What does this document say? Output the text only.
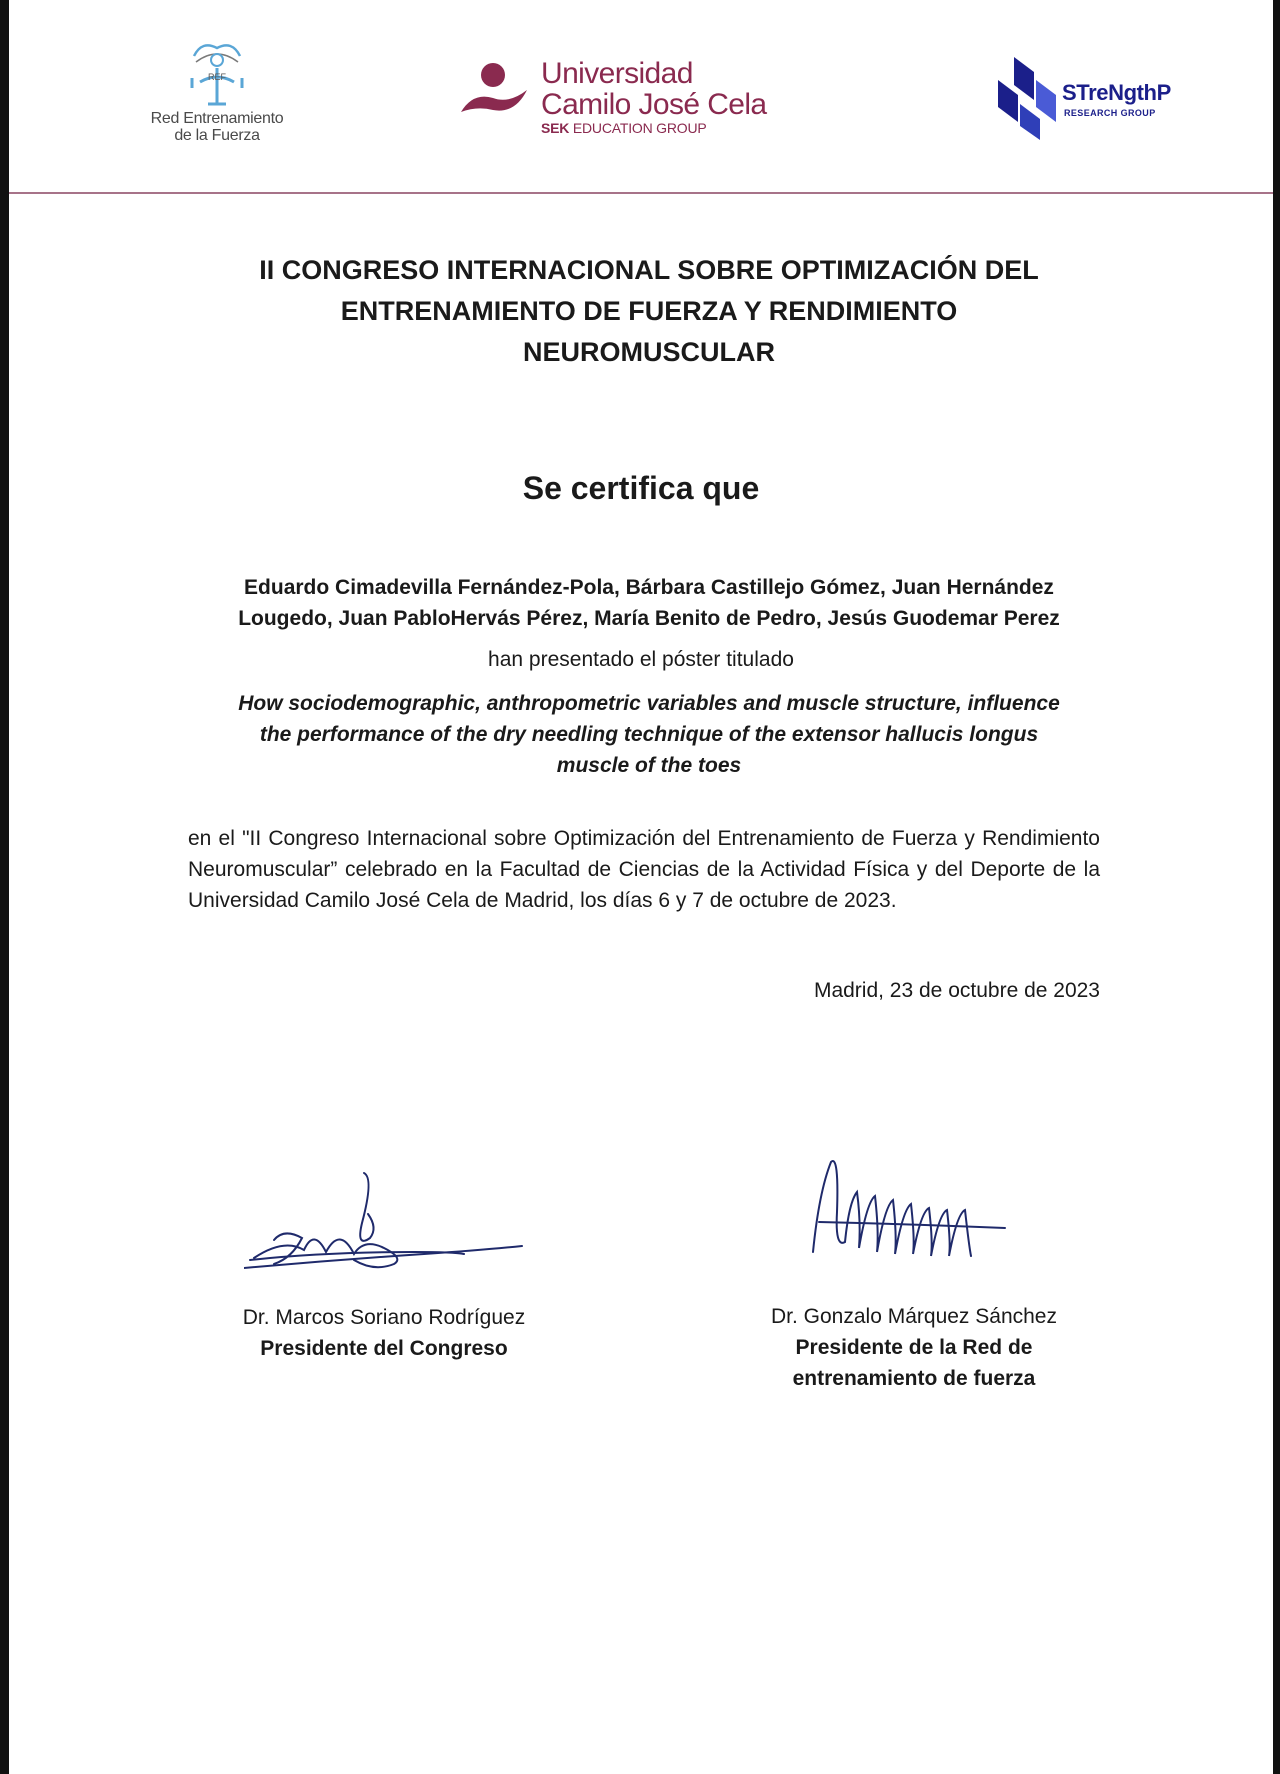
REF
Red Entrenamiento
de la Fuerza
Universidad
Camilo José Cela
SEK EDUCATION GROUP
STreNgthP
RESEARCH GROUP
II CONGRESO INTERNACIONAL SOBRE OPTIMIZACIÓN DEL
ENTRENAMIENTO DE FUERZA Y RENDIMIENTO
NEUROMUSCULAR
Se certifica que
Eduardo Cimadevilla Fernández-Pola, Bárbara Castillejo Gómez, Juan Hernández
Lougedo, Juan PabloHervás Pérez, María Benito de Pedro, Jesús Guodemar Perez
han presentado el póster titulado
How sociodemographic, anthropometric variables and muscle structure, influence
the performance of the dry needling technique of the extensor hallucis longus
muscle of the toes
en el "II Congreso Internacional sobre Optimización del Entrenamiento de Fuerza y Rendimiento Neuromuscular” celebrado en la Facultad de Ciencias de la Actividad Física y del Deporte de la Universidad Camilo José Cela de Madrid, los días 6 y 7 de octubre de 2023.
Madrid, 23 de octubre de 2023
Dr. Marcos Soriano Rodríguez
Presidente del Congreso
Dr. Gonzalo Márquez Sánchez
Presidente de la Red de
entrenamiento de fuerza
